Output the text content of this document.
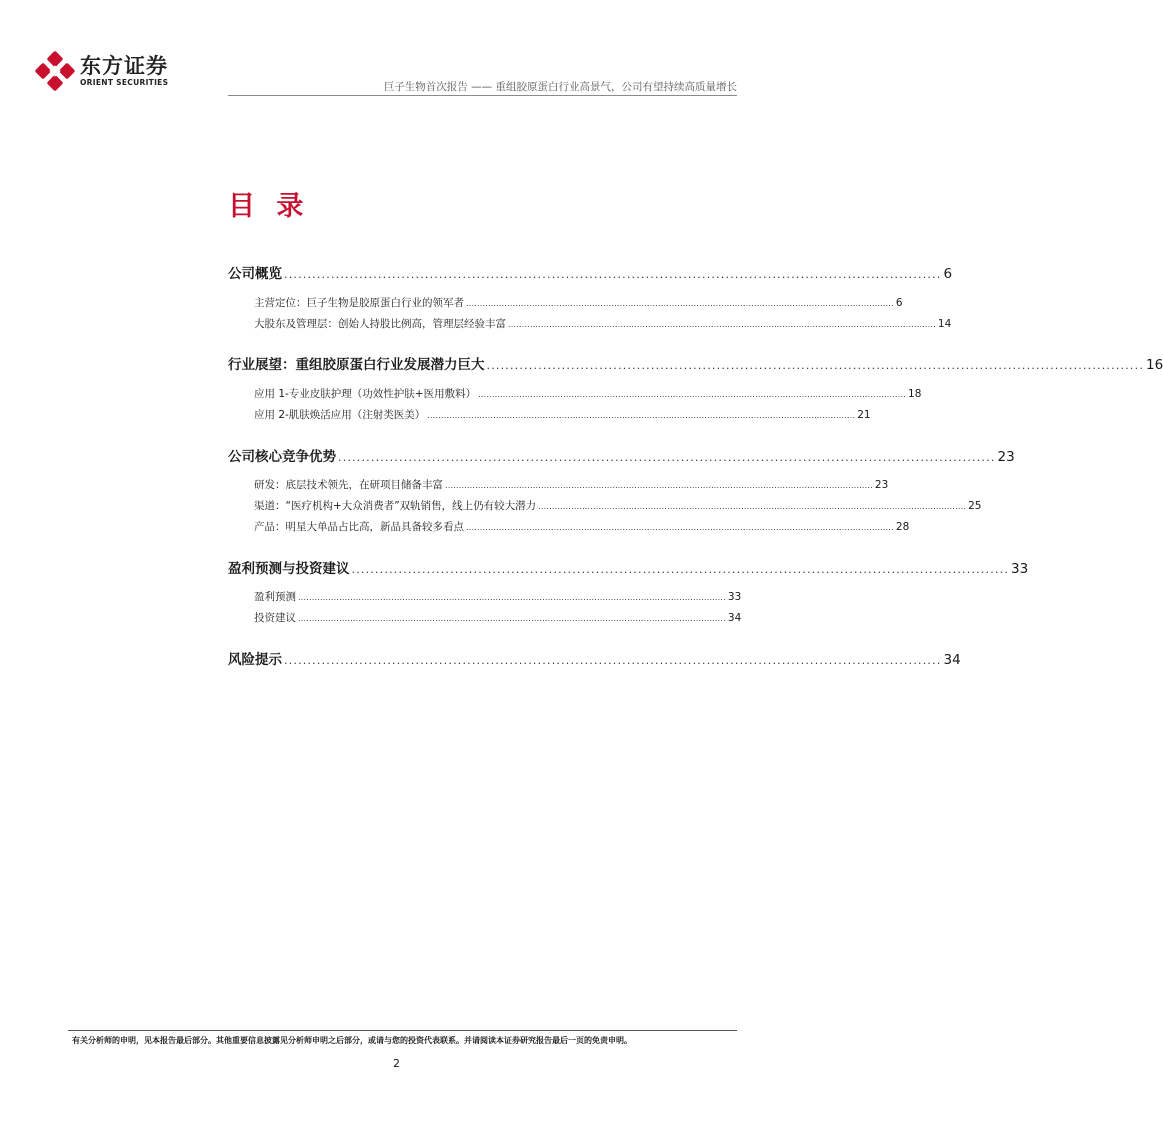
东方证券
ORIENT SECURITIES	巨子生物首次报告 —— 重组胶原蛋白行业高景气，公司有望持续高质量增长
目 录
公司概览 ............................................................................................................................................ 6
主营定位：巨子生物是胶原蛋白行业的领军者 ............................................................................................................................................................ 6
大股东及管理层：创始人持股比例高，管理层经验丰富 ............................................................................................................................................................ 14
行业展望：重组胶原蛋白行业发展潜力巨大 ............................................................................................................................................ 16
应用 1-专业皮肤护理（功效性护肤+医用敷料） ............................................................................................................................................................ 18
应用 2-肌肤焕活应用（注射类医美） ............................................................................................................................................................ 21
公司核心竞争优势 ............................................................................................................................................ 23
研发：底层技术领先，在研项目储备丰富 ............................................................................................................................................................ 23
渠道：“医疗机构+大众消费者”双轨销售，线上仍有较大潜力 ............................................................................................................................................................ 25
产品：明星大单品占比高，新品具备较多看点 ............................................................................................................................................................ 28
盈利预测与投资建议 ............................................................................................................................................ 33
盈利预测 ............................................................................................................................................................ 33
投资建议 ............................................................................................................................................................ 34
风险提示 ............................................................................................................................................ 34
有关分析师的申明，见本报告最后部分。其他重要信息披露见分析师申明之后部分，或请与您的投资代表联系。并请阅读本证券研究报告最后一页的免责申明。
2
